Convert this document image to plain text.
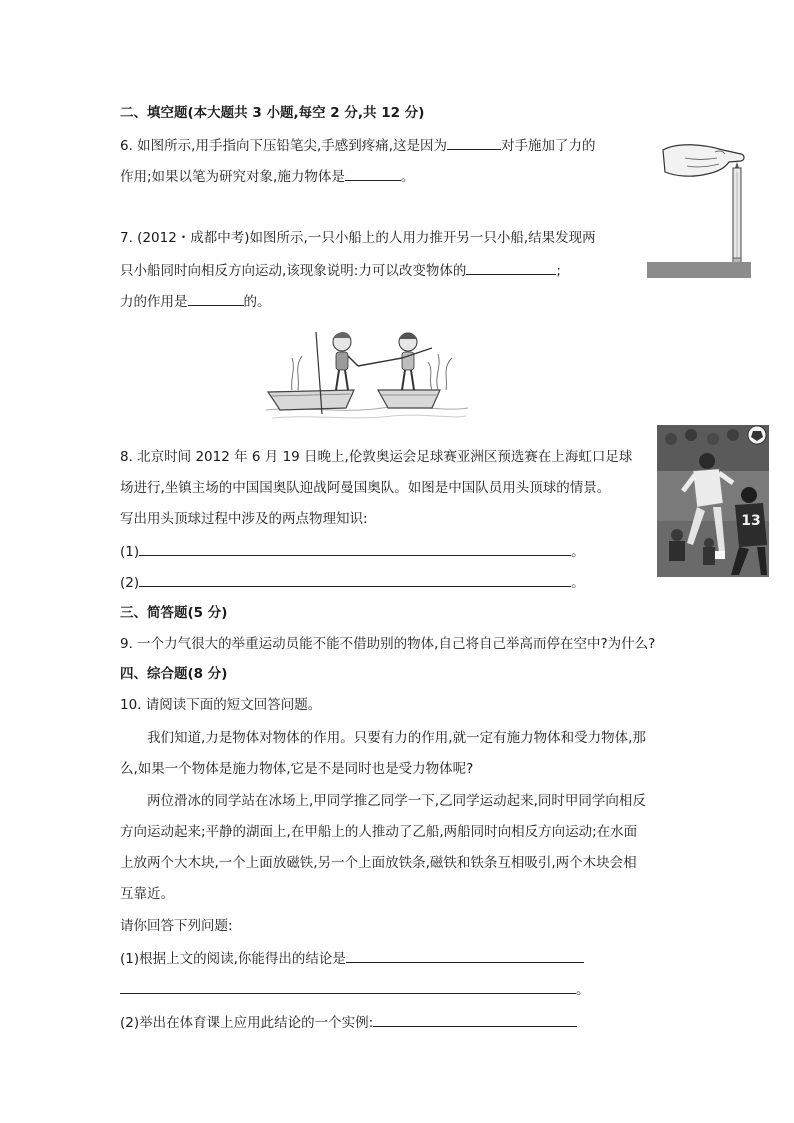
二、填空题(本大题共 3 小题,每空 2 分,共 12 分)
6. 如图所示,用手指向下压铅笔尖,手感到疼痛,这是因为	对手施加了力的
作用;如果以笔为研究对象,施力物体是	。
7. (2012・成都中考)如图所示,一只小船上的人用力推开另一只小船,结果发现两
只小船同时向相反方向运动,该现象说明:力可以改变物体的	;
力的作用是	的。
8. 北京时间 2012 年 6 月 19 日晚上,伦敦奥运会足球赛亚洲区预选赛在上海虹口足球
场进行,坐镇主场的中国国奥队迎战阿曼国奥队。如图是中国队员用头顶球的情景。
写出用头顶球过程中涉及的两点物理知识:
(1)	。
(2)	。
13
三、简答题(5 分)
9. 一个力气很大的举重运动员能不能不借助别的物体,自己将自己举高而停在空中?为什么?
四、综合题(8 分)
10. 请阅读下面的短文回答问题。
我们知道,力是物体对物体的作用。只要有力的作用,就一定有施力物体和受力物体,那
么,如果一个物体是施力物体,它是不是同时也是受力物体呢?
两位滑冰的同学站在冰场上,甲同学推乙同学一下,乙同学运动起来,同时甲同学向相反
方向运动起来;平静的湖面上,在甲船上的人推动了乙船,两船同时向相反方向运动;在水面
上放两个大木块,一个上面放磁铁,另一个上面放铁条,磁铁和铁条互相吸引,两个木块会相
互靠近。
请你回答下列问题:
(1)根据上文的阅读,你能得出的结论是
。
(2)举出在体育课上应用此结论的一个实例:
